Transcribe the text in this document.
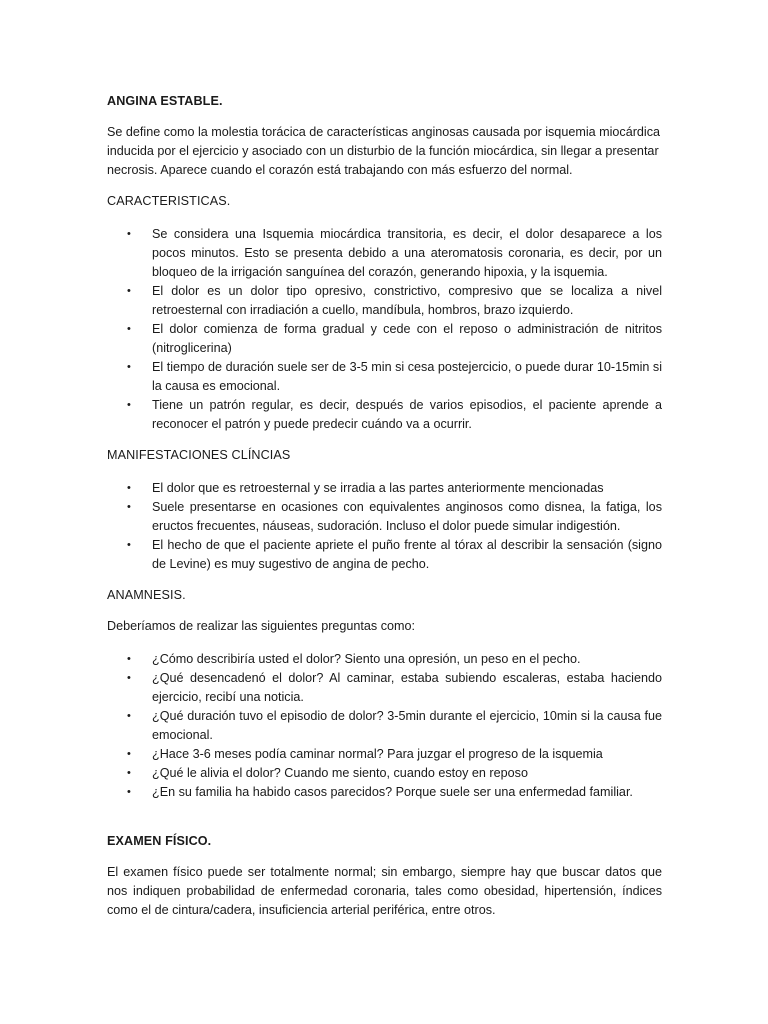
ANGINA ESTABLE.

Se define como la molestia torácica de características anginosas causada por isquemia miocárdica inducida por el ejercicio y asociado con un disturbio de la función miocárdica, sin llegar a presentar necrosis. Aparece cuando el corazón está trabajando con más esfuerzo del normal.

CARACTERISTICAS.
• Se considera una Isquemia miocárdica transitoria, es decir, el dolor desaparece a los pocos minutos. Esto se presenta debido a una ateromatosis coronaria, es decir, por un bloqueo de la irrigación sanguínea del corazón, generando hipoxia, y la isquemia.
• El dolor es un dolor tipo opresivo, constrictivo, compresivo que se localiza a nivel retroesternal con irradiación a cuello, mandíbula, hombros, brazo izquierdo.
• El dolor comienza de forma gradual y cede con el reposo o administración de nitritos (nitroglicerina)
• El tiempo de duración suele ser de 3-5 min si cesa postejercicio, o puede durar 10-15min si la causa es emocional.
• Tiene un patrón regular, es decir, después de varios episodios, el paciente aprende a reconocer el patrón y puede predecir cuándo va a ocurrir.
MANIFESTACIONES CLÍNCIAS
• El dolor que es retroesternal y se irradia a las partes anteriormente mencionadas
• Suele presentarse en ocasiones con equivalentes anginosos como disnea, la fatiga, los eructos frecuentes, náuseas, sudoración. Incluso el dolor puede simular indigestión.
• El hecho de que el paciente apriete el puño frente al tórax al describir la sensación (signo de Levine) es muy sugestivo de angina de pecho.
ANAMNESIS.

Deberíamos de realizar las siguientes preguntas como:

• ¿Cómo describiría usted el dolor? Siento una opresión, un peso en el pecho.
• ¿Qué desencadenó el dolor? Al caminar, estaba subiendo escaleras, estaba haciendo ejercicio, recibí una noticia.
• ¿Qué duración tuvo el episodio de dolor? 3-5min durante el ejercicio, 10min si la causa fue emocional.
• ¿Hace 3-6 meses podía caminar normal? Para juzgar el progreso de la isquemia
• ¿Qué le alivia el dolor? Cuando me siento, cuando estoy en reposo
• ¿En su familia ha habido casos parecidos? Porque suele ser una enfermedad familiar.
EXAMEN FÍSICO.

El examen físico puede ser totalmente normal; sin embargo, siempre hay que buscar datos que nos indiquen probabilidad de enfermedad coronaria, tales como obesidad, hipertensión, índices como el de cintura/cadera, insuficiencia arterial periférica, entre otros.
